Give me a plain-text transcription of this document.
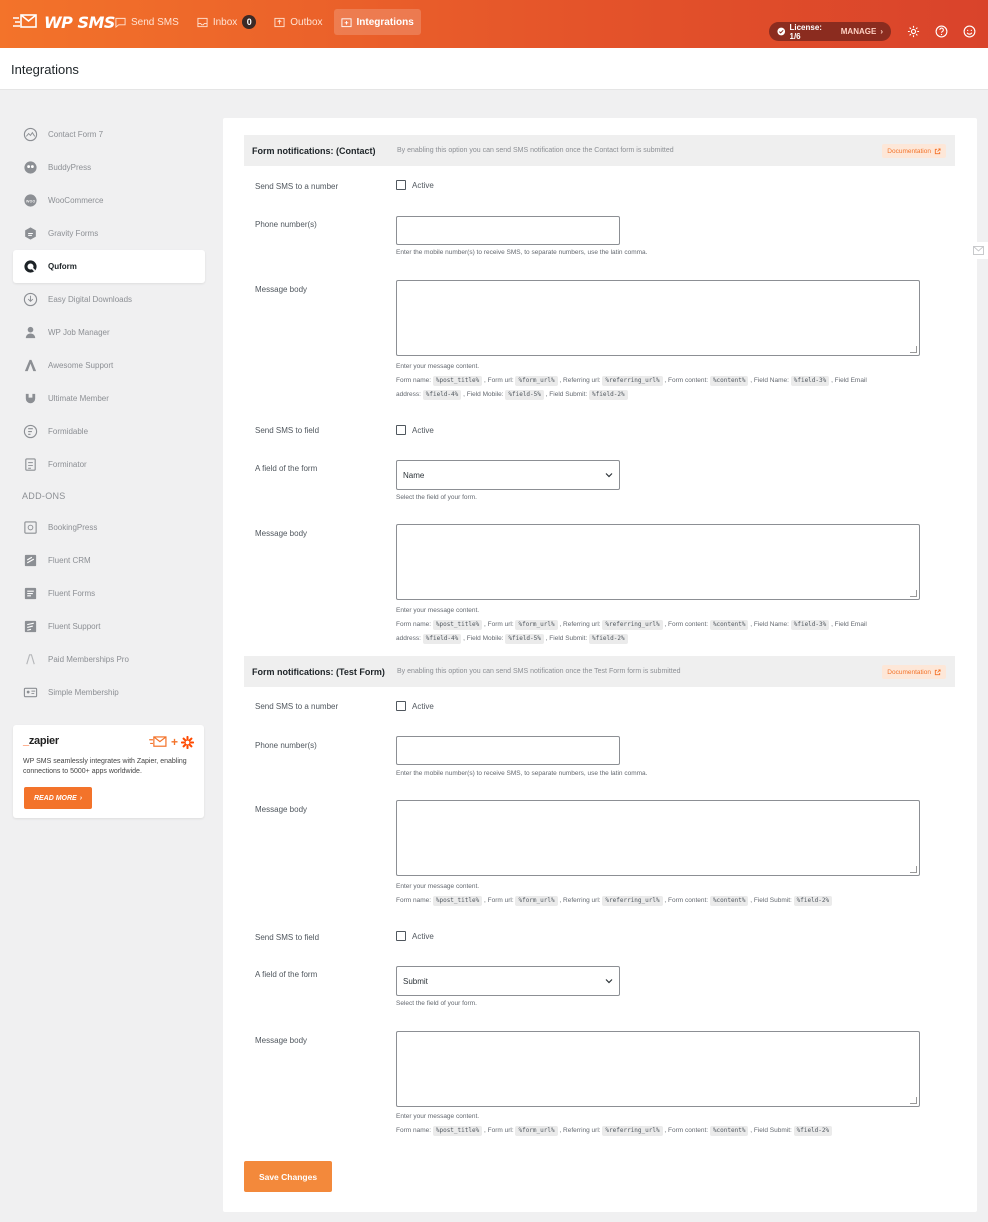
WP SMS Send SMS	Inbox	0	Outbox	Integrations	License: 1/6	MANAGE ›
Integrations
Contact Form 7
BuddyPress
woo WooCommerce
Gravity Forms
Quform
Easy Digital Downloads
WP Job Manager
Awesome Support
Ultimate Member
Formidable
Forminator
ADD-ONS
BookingPress
Fluent CRM
Fluent Forms
Fluent Support
Paid Memberships Pro
Simple Membership
_zapier	+
WP SMS seamlessly integrates with Zapier, enabling connections to 5000+ apps worldwide.
READ MORE ›
Form notifications: (Contact)	By enabling this option you can send SMS notification once the Contact form is submitted	Documentation
Send SMS to a number	Active
Phone number(s)
Enter the mobile number(s) to receive SMS, to separate numbers, use the latin comma.
Message body
Enter your message content.
Form name: %post_title% , Form url: %form_url% , Referring url: %referring_url% , Form content: %content% , Field Name: %field-3% , Field Email
address: %field-4% , Field Mobile: %field-5% , Field Submit: %field-2%
Send SMS to field	Active
A field of the form
Name
Select the field of your form.
Message body
Enter your message content.
Form name: %post_title% , Form url: %form_url% , Referring url: %referring_url% , Form content: %content% , Field Name: %field-3% , Field Email
address: %field-4% , Field Mobile: %field-5% , Field Submit: %field-2%
Form notifications: (Test Form) By enabling this option you can send SMS notification once the Test Form form is submitted	Documentation
Send SMS to a number	Active
Phone number(s)
Enter the mobile number(s) to receive SMS, to separate numbers, use the latin comma.
Message body
Enter your message content.
Form name: %post_title% , Form url: %form_url% , Referring url: %referring_url% , Form content: %content% , Field Submit: %field-2%
Send SMS to field	Active
A field of the form
Submit
Select the field of your form.
Message body
Enter your message content.
Form name: %post_title% , Form url: %form_url% , Referring url: %referring_url% , Form content: %content% , Field Submit: %field-2%
Save Changes
